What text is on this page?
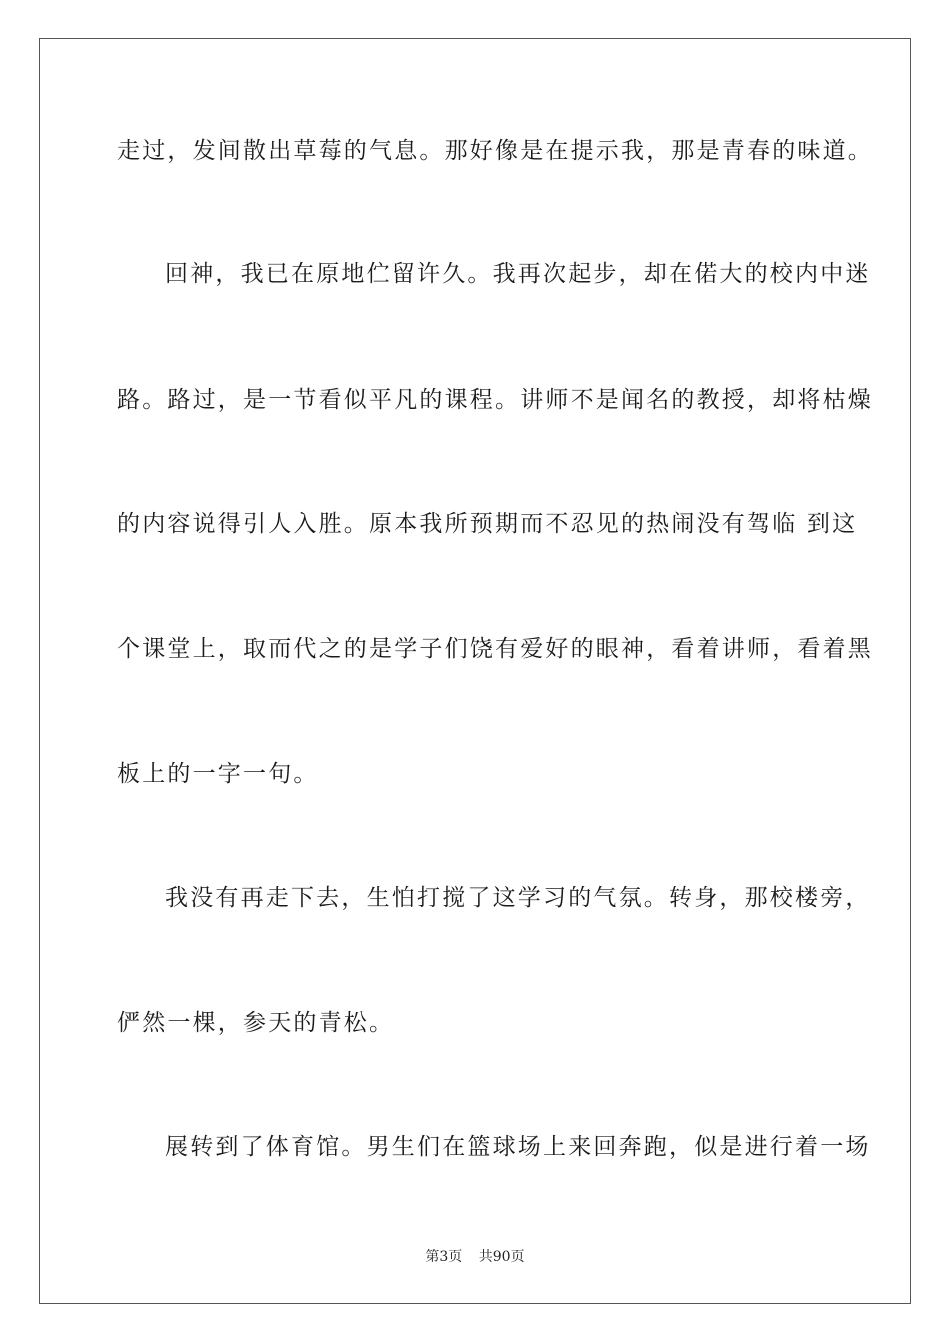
走过，发间散出草莓的气息。那好像是在提示我，那是青春的味道。
回神，我已在原地伫留许久。我再次起步，却在偌大的校内中迷
路。路过，是一节看似平凡的课程。讲师不是闻名的教授，却将枯燥
的内容说得引人入胜。原本我所预期而不忍见的热闹没有驾临 到这
个课堂上，取而代之的是学子们饶有爱好的眼神，看着讲师，看着黑
板上的一字一句。
我没有再走下去，生怕打搅了这学习的气氛。转身，那校楼旁，
俨然一棵，参天的青松。
展转到了体育馆。男生们在篮球场上来回奔跑，似是进行着一场
第3页 共90页
